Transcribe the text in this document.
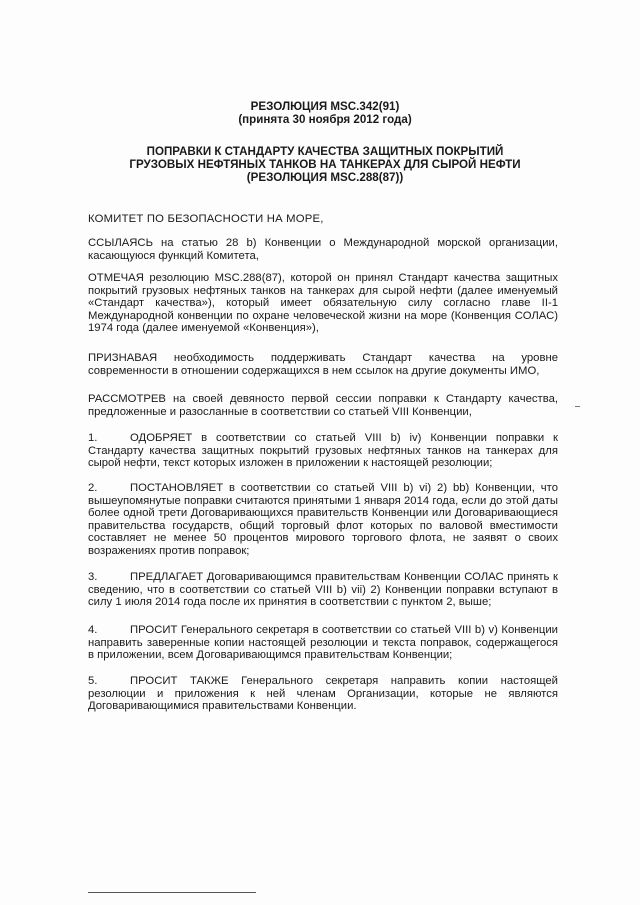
РЕЗОЛЮЦИЯ MSC.342(91)

(принята 30 ноября 2012 года)

ПОПРАВКИ К СТАНДАРТУ КАЧЕСТВА ЗАЩИТНЫХ ПОКРЫТИЙ

ГРУЗОВЫХ НЕФТЯНЫХ ТАНКОВ НА ТАНКЕРАХ ДЛЯ СЫРОЙ НЕФТИ

(РЕЗОЛЮЦИЯ MSC.288(87))

КОМИТЕТ ПО БЕЗОПАСНОСТИ НА МОРЕ,

ССЫЛАЯСЬ на статью 28 b) Конвенции о Международной морской организации, касающуюся функций Комитета,

ОТМЕЧАЯ резолюцию MSC.288(87), которой он принял Стандарт качества защитных покрытий грузовых нефтяных танков на танкерах для сырой нефти (далее именуемый «Стандарт качества»), который имеет обязательную силу согласно главе II-1 Международной конвенции по охране человеческой жизни на море (Конвенция СОЛАС) 1974 года (далее именуемой «Конвенция»),

ПРИЗНАВАЯ необходимость поддерживать Стандарт качества на уровне современности в отношении содержащихся в нем ссылок на другие документы ИМО,

РАССМОТРЕВ на своей девяносто первой сессии поправки к Стандарту качества, предложенные и разосланные в соответствии со статьей VIII Конвенции,

1.	ОДОБРЯЕТ в соответствии со статьей VIII b) iv) Конвенции поправки к Стандарту качества защитных покрытий грузовых нефтяных танков на танкерах для сырой нефти, текст которых изложен в приложении к настоящей резолюции;

2.	ПОСТАНОВЛЯЕТ в соответствии со статьей VIII b) vi) 2) bb) Конвенции, что вышеупомянутые поправки считаются принятыми 1 января 2014 года, если до этой даты более одной трети Договаривающихся правительств Конвенции или Договаривающиеся правительства государств, общий торговый флот которых по валовой вместимости составляет не менее 50 процентов мирового торгового флота, не заявят о своих возражениях против поправок;

3.	ПРЕДЛАГАЕТ Договаривающимся правительствам Конвенции СОЛАС принять к сведению, что в соответствии со статьей VIII b) vii) 2) Конвенции поправки вступают в силу 1 июля 2014 года после их принятия в соответствии с пунктом 2, выше;

4.	ПРОСИТ Генерального секретаря в соответствии со статьей VIII b) v) Конвенции направить заверенные копии настоящей резолюции и текста поправок, содержащегося в приложении, всем Договаривающимся правительствам Конвенции;

5.	ПРОСИТ ТАКЖЕ Генерального секретаря направить копии настоящей резолюции и приложения к ней членам Организации, которые не являются Договаривающимися правительствами Конвенции.
